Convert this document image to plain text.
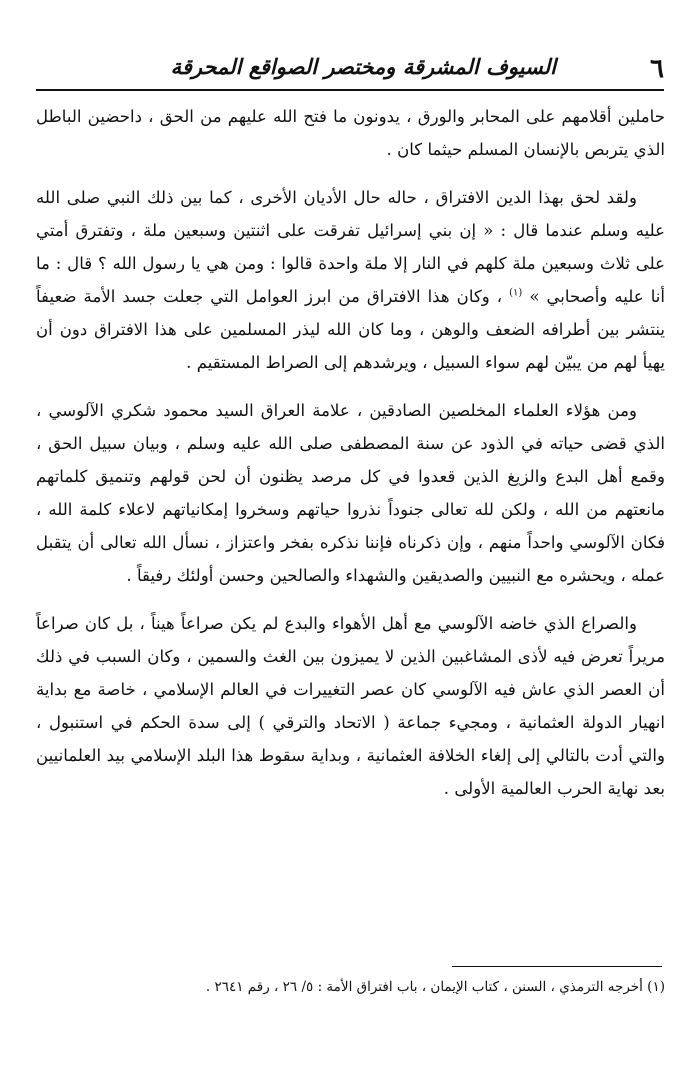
٦
السيوف المشرقة ومختصر الصواقع المحرقة

حاملين أقلامهم على المحابر والورق ، يدونون ما فتح الله عليهم من الحق ، داحضين الباطل الذي يتربص بالإنسان المسلم حيثما كان .

ولقد لحق بهذا الدين الافتراق ، حاله حال الأديان الأخرى ، كما بين ذلك النبي صلى الله عليه وسلم عندما قال : « إن بني إسرائيل تفرقت على اثنتين وسبعين ملة ، وتفترق أمتي على ثلاث وسبعين ملة كلهم في النار إلا ملة واحدة قالوا : ومن هي يا رسول الله ؟ قال : ما أنا عليه وأصحابي » $^{(١)}$ ، وكان هذا الافتراق من ابرز العوامل التي جعلت جسد الأمة ضعيفاً ينتشر بين أطرافه الضعف والوهن ، وما كان الله ليذر المسلمين على هذا الافتراق دون أن يهيأ لهم من يبيّن لهم سواء السبيل ، ويرشدهم إلى الصراط المستقيم .

ومن هؤلاء العلماء المخلصين الصادقين ، علامة العراق السيد محمود شكري الآلوسي ، الذي قضى حياته في الذود عن سنة المصطفى صلى الله عليه وسلم ، وبيان سبيل الحق ، وقمع أهل البدع والزيغ الذين قعدوا في كل مرصد يظنون أن لحن قولهم وتنميق كلماتهم مانعتهم من الله ، ولكن لله تعالى جنوداً نذروا حياتهم وسخروا إمكانياتهم لاعلاء كلمة الله ، فكان الآلوسي واحداً منهم ، وإن ذكرناه فإننا نذكره بفخر واعتزاز ، نسأل الله تعالى أن يتقبل عمله ، ويحشره مع النبيين والصديقين والشهداء والصالحين وحسن أولئك رفيقاً .

والصراع الذي خاضه الآلوسي مع أهل الأهواء والبدع لم يكن صراعاً هيناً ، بل كان صراعاً مريراً تعرض فيه لأذى المشاغبين الذين لا يميزون بين الغث والسمين ، وكان السبب في ذلك أن العصر الذي عاش فيه الآلوسي كان عصر التغييرات في العالم الإسلامي ، خاصة مع بداية انهيار الدولة العثمانية ، ومجيء جماعة ( الاتحاد والترقي ) إلى سدة الحكم في استنبول ، والتي أدت بالتالي إلى إلغاء الخلافة العثمانية ، وبداية سقوط هذا البلد الإسلامي بيد العلمانيين بعد نهاية الحرب العالمية الأولى .

(١) أخرجه الترمذي ، السنن ، كتاب الإيمان ، باب افتراق الأمة : ٥/ ٢٦ ، رقم ٢٦٤١ .
